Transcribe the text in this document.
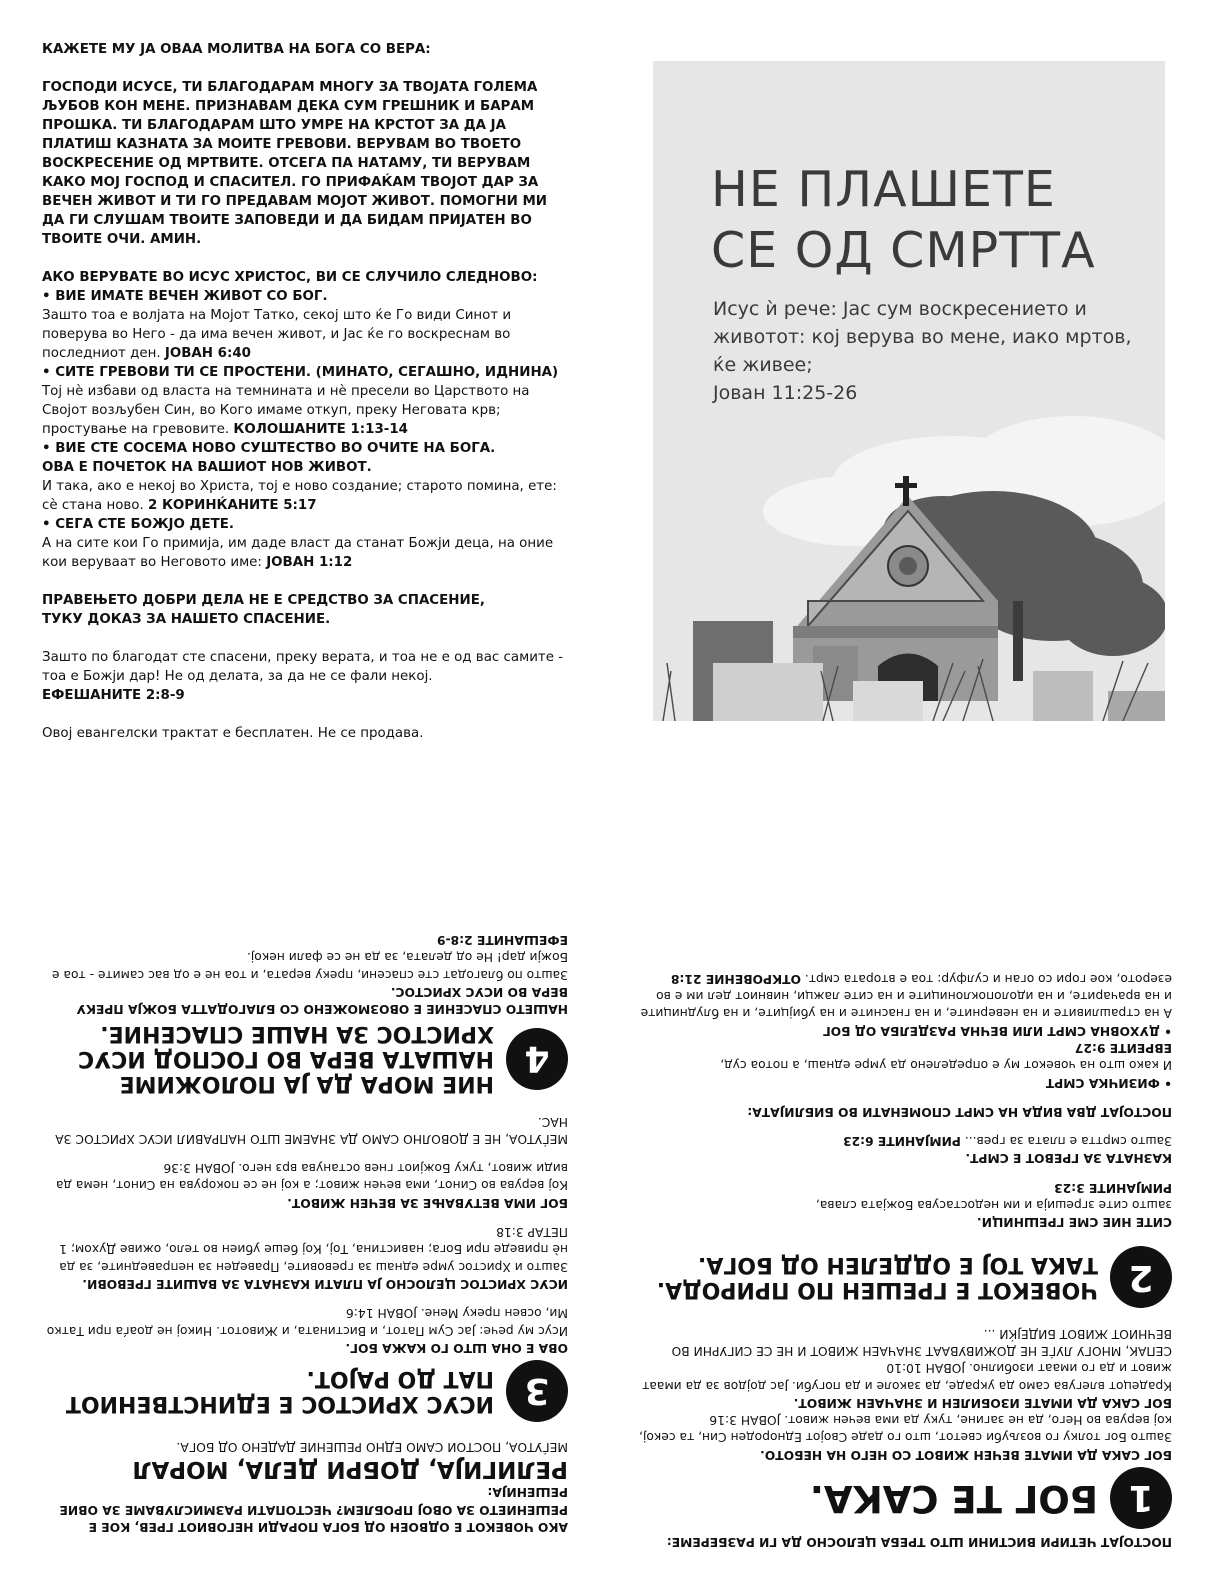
КАЖЕТЕ МУ ЈА ОВАА МОЛИТВА НА БОГА СО ВЕРА:

ГОСПОДИ ИСУСЕ, ТИ БЛАГОДАРАМ МНОГУ ЗА ТВОЈАТА ГОЛЕМА ЉУБОВ КОН МЕНЕ. ПРИЗНАВАМ ДЕКА СУМ ГРЕШНИК И БАРАМ ПРОШКА. ТИ БЛАГОДАРАМ ШТО УМРЕ НА КРСТОТ ЗА ДА ЈА ПЛАТИШ КАЗНАТА ЗА МОИТЕ ГРЕВОВИ. ВЕРУВАМ ВО ТВОЕТО ВОСКРЕСЕНИЕ ОД МРТВИТЕ. ОТСЕГА ПА НАТАМУ, ТИ ВЕРУВАМ КАКО МОЈ ГОСПОД И СПАСИТЕЛ. ГО ПРИФАЌАМ ТВОЈОТ ДАР ЗА ВЕЧЕН ЖИВОТ И ТИ ГО ПРЕДАВАМ МОЈОТ ЖИВОТ. ПОМОГНИ МИ ДА ГИ СЛУШАМ ТВОИТЕ ЗАПОВЕДИ И ДА БИДАМ ПРИЈАТЕН ВО ТВОИТЕ ОЧИ. АМИН.

АКО ВЕРУВАТЕ ВО ИСУС ХРИСТОС, ВИ СЕ СЛУЧИЛО СЛЕДНОВО:

• ВИЕ ИМАТЕ ВЕЧЕН ЖИВОТ СО БОГ.

Зашто тоа е волјата на Мојот Татко, секој што ќе Го види Синот и поверува во Него - да има вечен живот, и Јас ќе го воскреснам во последниот ден. ЈОВАН 6:40

• СИТЕ ГРЕВОВИ ТИ СЕ ПРОСТЕНИ. (МИНАТО, СЕГАШНО, ИДНИНА)

Тој нè избави од власта на темнината и нè пресели во Царството на Својот возљубен Син, во Кого имаме откуп, преку Неговата крв; простување на гревовите. КОЛОШАНИТЕ 1:13-14

• ВИЕ СТЕ СОСЕМА НОВО СУШТЕСТВО ВО ОЧИТЕ НА БОГА.

ОВА Е ПОЧЕТОК НА ВАШИОТ НОВ ЖИВОТ.

И така, ако е некој во Христа, тој е ново создание; старото помина, ете: сè стана ново. 2 КОРИНЌАНИТЕ 5:17

• СЕГА СТЕ БОЖЈО ДЕТЕ.

А на сите кои Го примија, им даде власт да станат Божји деца, на оние кои веруваат во Неговото име: ЈОВАН 1:12

ПРАВЕЊЕТО ДОБРИ ДЕЛА НЕ Е СРЕДСТВО ЗА СПАСЕНИЕ,

ТУКУ ДОКАЗ ЗА НАШЕТО СПАСЕНИЕ.

Зашто по благодат сте спасени, преку верата, и тоа не е од вас самите - тоа е Божји дар! Не од делата, за да не се фали некој.

ЕФЕШАНИТЕ 2:8-9

Овој евангелски трактат е бесплатен. Не се продава.

НЕ ПЛАШЕТЕ
СЕ ОД СМРТТА
Исус ѝ рече: Јас сум воскресението и животот: кој верува во мене, иако мртов, ќе живее;
Јован 11:25-26

АКО ЧОВЕКОТ Е ОДВОЕН ОД БОГА ПОРАДИ НЕГОВИОТ ГРЕВ, КОЕ Е РЕШЕНИЕТО ЗА ОВОЈ ПРОБЛЕМ? ЧЕСТОПАТИ РАЗМИСЛУВАМЕ ЗА ОВИЕ РЕШЕНИЈА:

РЕЛИГИЈА, ДОБРИ ДЕЛА, МОРАЛ

МЕЃУТОА, ПОСТОИ САМО ЕДНО РЕШЕНИЕ ДАДЕНО ОД БОГА.

3
ИСУС ХРИСТОС Е ЕДИНСТВЕНИОТ ПАТ ДО РАЈОТ.

ОВА Е ОНА ШТО ГО КАЖА БОГ.

Исус му рече: Јас Сум Патот, и Вистината, и Животот. Никој не доаѓа при Татко Ми, освен преку Мене. ЈОВАН 14:6

ИСУС ХРИСТОС ЦЕЛОСНО ЈА ПЛАТИ КАЗНАТА ЗА ВАШИТЕ ГРЕВОВИ.

Зашто и Христос умре еднаш за гревовите, Праведен за неправедните, за да нè приведе при Бога; навистина, Тој, Кој беше убиен во тело, оживе Духом; 1 ПЕТАР 3:18

БОГ ИМА ВЕТУВАЊЕ ЗА ВЕЧЕН ЖИВОТ.

Кој верува во Синот, има вечен живот; а кој не се покорува на Синот, нема да види живот, туку Божјиот гнев останува врз него. ЈОВАН 3:36

МЕЃУТОА, НЕ Е ДОВОЛНО САМО ДА ЗНАЕМЕ ШТО НАПРАВИЛ ИСУС ХРИСТОС ЗА НАС.

4
НИЕ МОРА ДА ЈА ПОЛОЖИМЕ НАШАТА ВЕРА ВО ГОСПОД ИСУС ХРИСТОС ЗА НАШЕ СПАСЕНИЕ.

НАШЕТО СПАСЕНИЕ Е ОВОЗМОЖЕНО СО БЛАГОДАТТА БОЖЈА ПРЕКУ ВЕРА ВО ИСУС ХРИСТОС.

Зашто по благодат сте спасени, преку верата, и тоа не е од вас самите - тоа е Божји дар! Не од делата, за да не се фали некој.

ЕФЕШАНИТЕ 2:8-9

ПОСТОЈАТ ЧЕТИРИ ВИСТИНИ ШТО ТРЕБА ЦЕЛОСНО ДА ГИ РАЗБЕРЕМЕ:

1
БОГ ТЕ САКА.

БОГ САКА ДА ИМАТЕ ВЕЧЕН ЖИВОТ СО НЕГО НА НЕБОТО.

Зашто Бог толку го возљуби светот, што го даде Својот Еднороден Син, та секој, кој верува во Него, да не загине, туку да има вечен живот. ЈОВАН 3:16

БОГ САКА ДА ИМАТЕ ИЗОБИЛЕН И ЗНАЧАЕН ЖИВОТ.

Крадецот влегува само да украде, да заколе и да погуби. Јас дојдов за да имаат живот и да го имаат изобилно. ЈОВАН 10:10

СЕПАК, МНОГУ ЛУЃЕ НЕ ДОЖИВУВААТ ЗНАЧАЕН ЖИВОТ И НЕ СЕ СИГУРНИ ВО ВЕЧНИОТ ЖИВОТ БИДЕЈЌИ ...

2
ЧОВЕКОТ Е ГРЕШЕН ПО ПРИРОДА. ТАКА ТОЈ Е ОДДЕЛЕН ОД БОГА.

СИТЕ НИЕ СМЕ ГРЕШНИЦИ.

зашто сите згрешија и им недостасува Божјата слава,

РИМЈАНИТЕ 3:23

КАЗНАТА ЗА ГРЕВОТ Е СМРТ.

Зашто смртта е плата за грев... РИМЈАНИТЕ 6:23

ПОСТОЈАТ ДВА ВИДА НА СМРТ СПОМЕНАТИ ВО БИБЛИЈАТА:

• ФИЗИЧКА СМРТ

И како што на човекот му е определено да умре еднаш, а потоа суд,

ЕВРЕИТЕ 9:27

• ДУХОВНА СМРТ ИЛИ ВЕЧНА РАЗДЕЛБА ОД БОГ

А на страшливите и на неверните, и на гнасните и на убијците, и на блудниците и на врачарите, и на идолопоклониците и на сите лажци, нивниот дел им е во езерото, кое гори со оган и сулфур: тоа е втората смрт. ОТКРОВЕНИЕ 21:8
